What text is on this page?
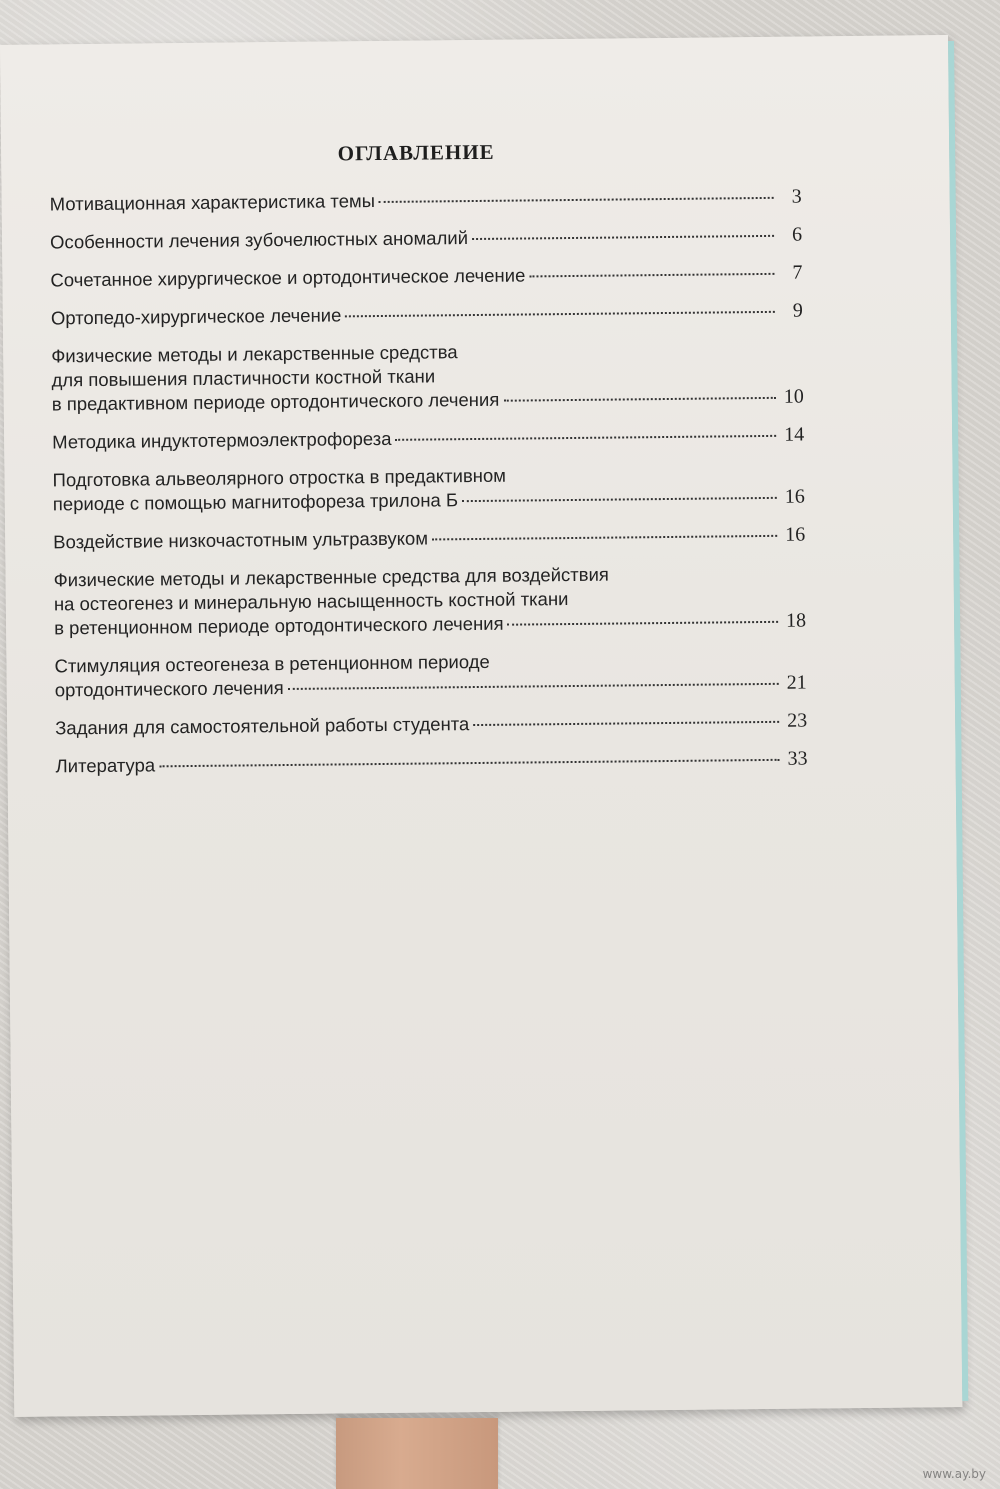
ОГЛАВЛЕНИЕ
Мотивационная характеристика темы	3
Особенности лечения зубочелюстных аномалий	6
Сочетанное хирургическое и ортодонтическое лечение	7
Ортопедо-хирургическое лечение	9
Физические методы и лекарственные средства
для повышения пластичности костной ткани
в предактивном периоде ортодонтического лечения	10
Методика индуктотермоэлектрофореза	14
Подготовка альвеолярного отростка в предактивном
периоде с помощью магнитофореза трилона Б	16
Воздействие низкочастотным ультразвуком	16
Физические методы и лекарственные средства для воздействия
на остеогенез и минеральную насыщенность костной ткани
в ретенционном периоде ортодонтического лечения	18
Стимуляция остеогенеза в ретенционном периоде
ортодонтического лечения	21
Задания для самостоятельной работы студента	23
Литература	33
www.ay.by
